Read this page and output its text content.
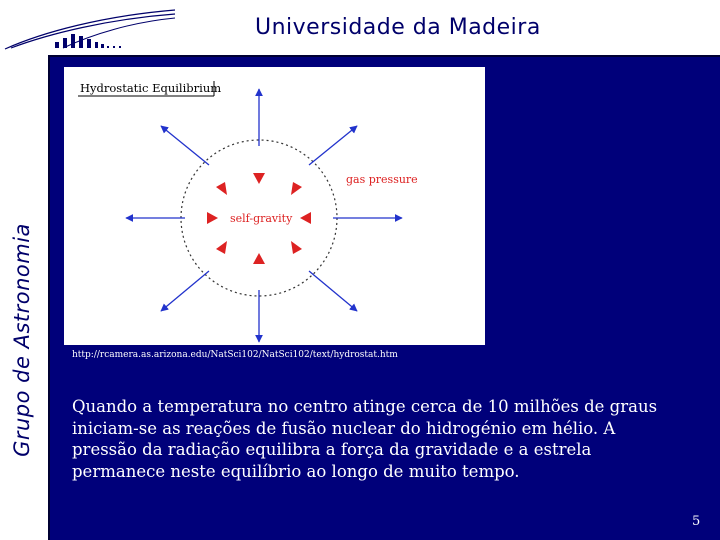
Universidade da Madeira
Grupo de Astronomia
Hydrostatic Equilibrium
gas pressure
self-gravity
http://rcamera.as.arizona.edu/NatSci102/NatSci102/text/hydrostat.htm
Quando a temperatura no centro atinge cerca de 10 milhões de graus iniciam-se as reações de fusão nuclear do hidrogénio em hélio. A pressão da radiação equilibra a força da gravidade e a estrela permanece neste equilíbrio ao longo de muito tempo.
5
